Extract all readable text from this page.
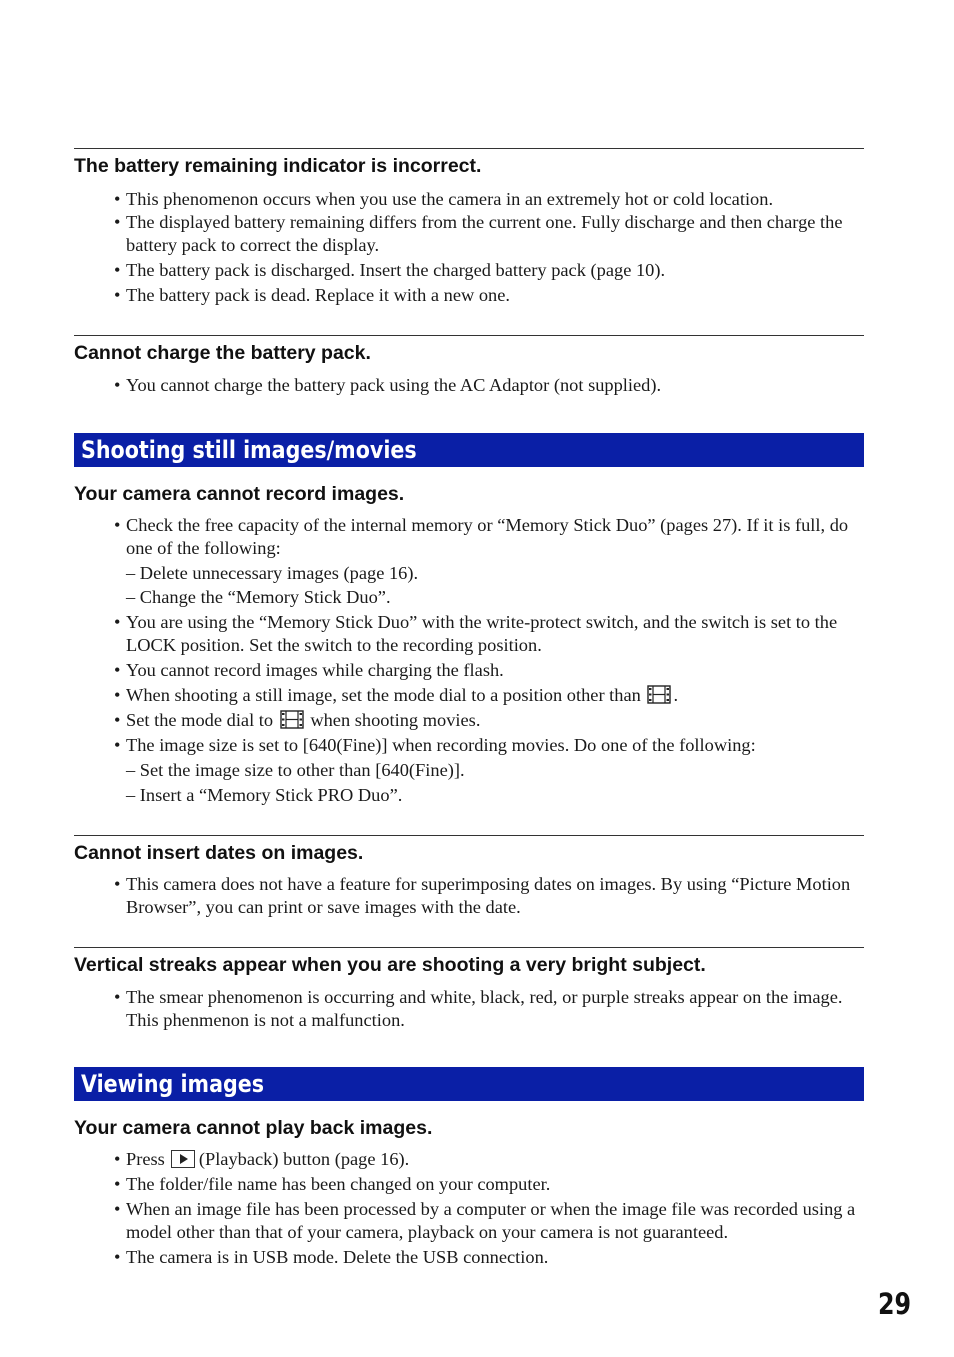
The battery remaining indicator is incorrect.
• This phenomenon occurs when you use the camera in an extremely hot or cold location.
• The displayed battery remaining differs from the current one. Fully discharge and then charge the battery pack to correct the display.
• The battery pack is discharged. Insert the charged battery pack (page 10).
• The battery pack is dead. Replace it with a new one.
Cannot charge the battery pack.
• You cannot charge the battery pack using the AC Adaptor (not supplied).
Shooting still images/movies
Your camera cannot record images.
• Check the free capacity of the internal memory or “Memory Stick Duo” (pages 27). If it is full, do one of the following:
– Delete unnecessary images (page 16).
– Change the “Memory Stick Duo”.
• You are using the “Memory Stick Duo” with the write-protect switch, and the switch is set to the LOCK position. Set the switch to the recording position.
• You cannot record images while charging the flash.
• When shooting a still image, set the mode dial to a position other than .
• Set the mode dial to when shooting movies.
• The image size is set to [640(Fine)] when recording movies. Do one of the following:
– Set the image size to other than [640(Fine)].
– Insert a “Memory Stick PRO Duo”.
Cannot insert dates on images.
• This camera does not have a feature for superimposing dates on images. By using “Picture Motion Browser”, you can print or save images with the date.
Vertical streaks appear when you are shooting a very bright subject.
• The smear phenomenon is occurring and white, black, red, or purple streaks appear on the image. This phenmenon is not a malfunction.
Viewing images
Your camera cannot play back images.
• Press (Playback) button (page 16).
• The folder/file name has been changed on your computer.
• When an image file has been processed by a computer or when the image file was recorded using a model other than that of your camera, playback on your camera is not guaranteed.
• The camera is in USB mode. Delete the USB connection.
29
